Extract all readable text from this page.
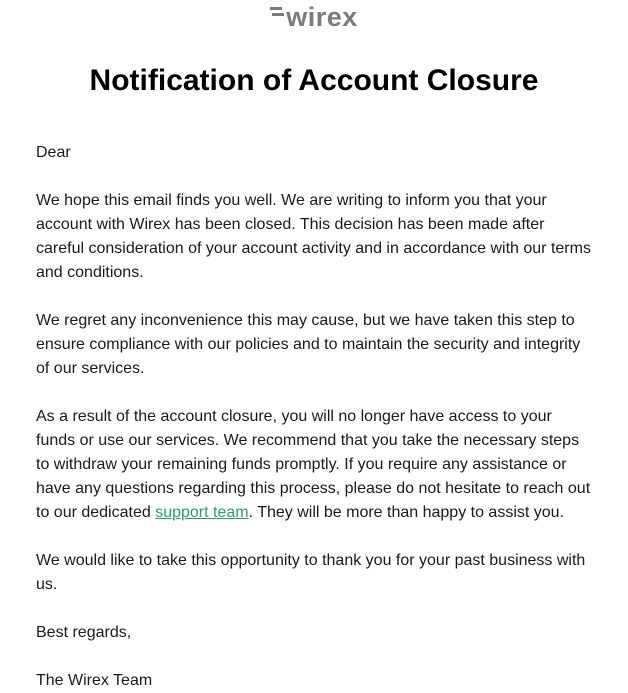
wirex
Notification of Account Closure

Dear

We hope this email finds you well. We are writing to inform you that your account with Wirex has been closed. This decision has been made after careful consideration of your account activity and in accordance with our terms and conditions.

We regret any inconvenience this may cause, but we have taken this step to ensure compliance with our policies and to maintain the security and integrity of our services.

As a result of the account closure, you will no longer have access to your funds or use our services. We recommend that you take the necessary steps to withdraw your remaining funds promptly. If you require any assistance or have any questions regarding this process, please do not hesitate to reach out to our dedicated support team. They will be more than happy to assist you.

We would like to take this opportunity to thank you for your past business with us.

Best regards,

The Wirex Team
